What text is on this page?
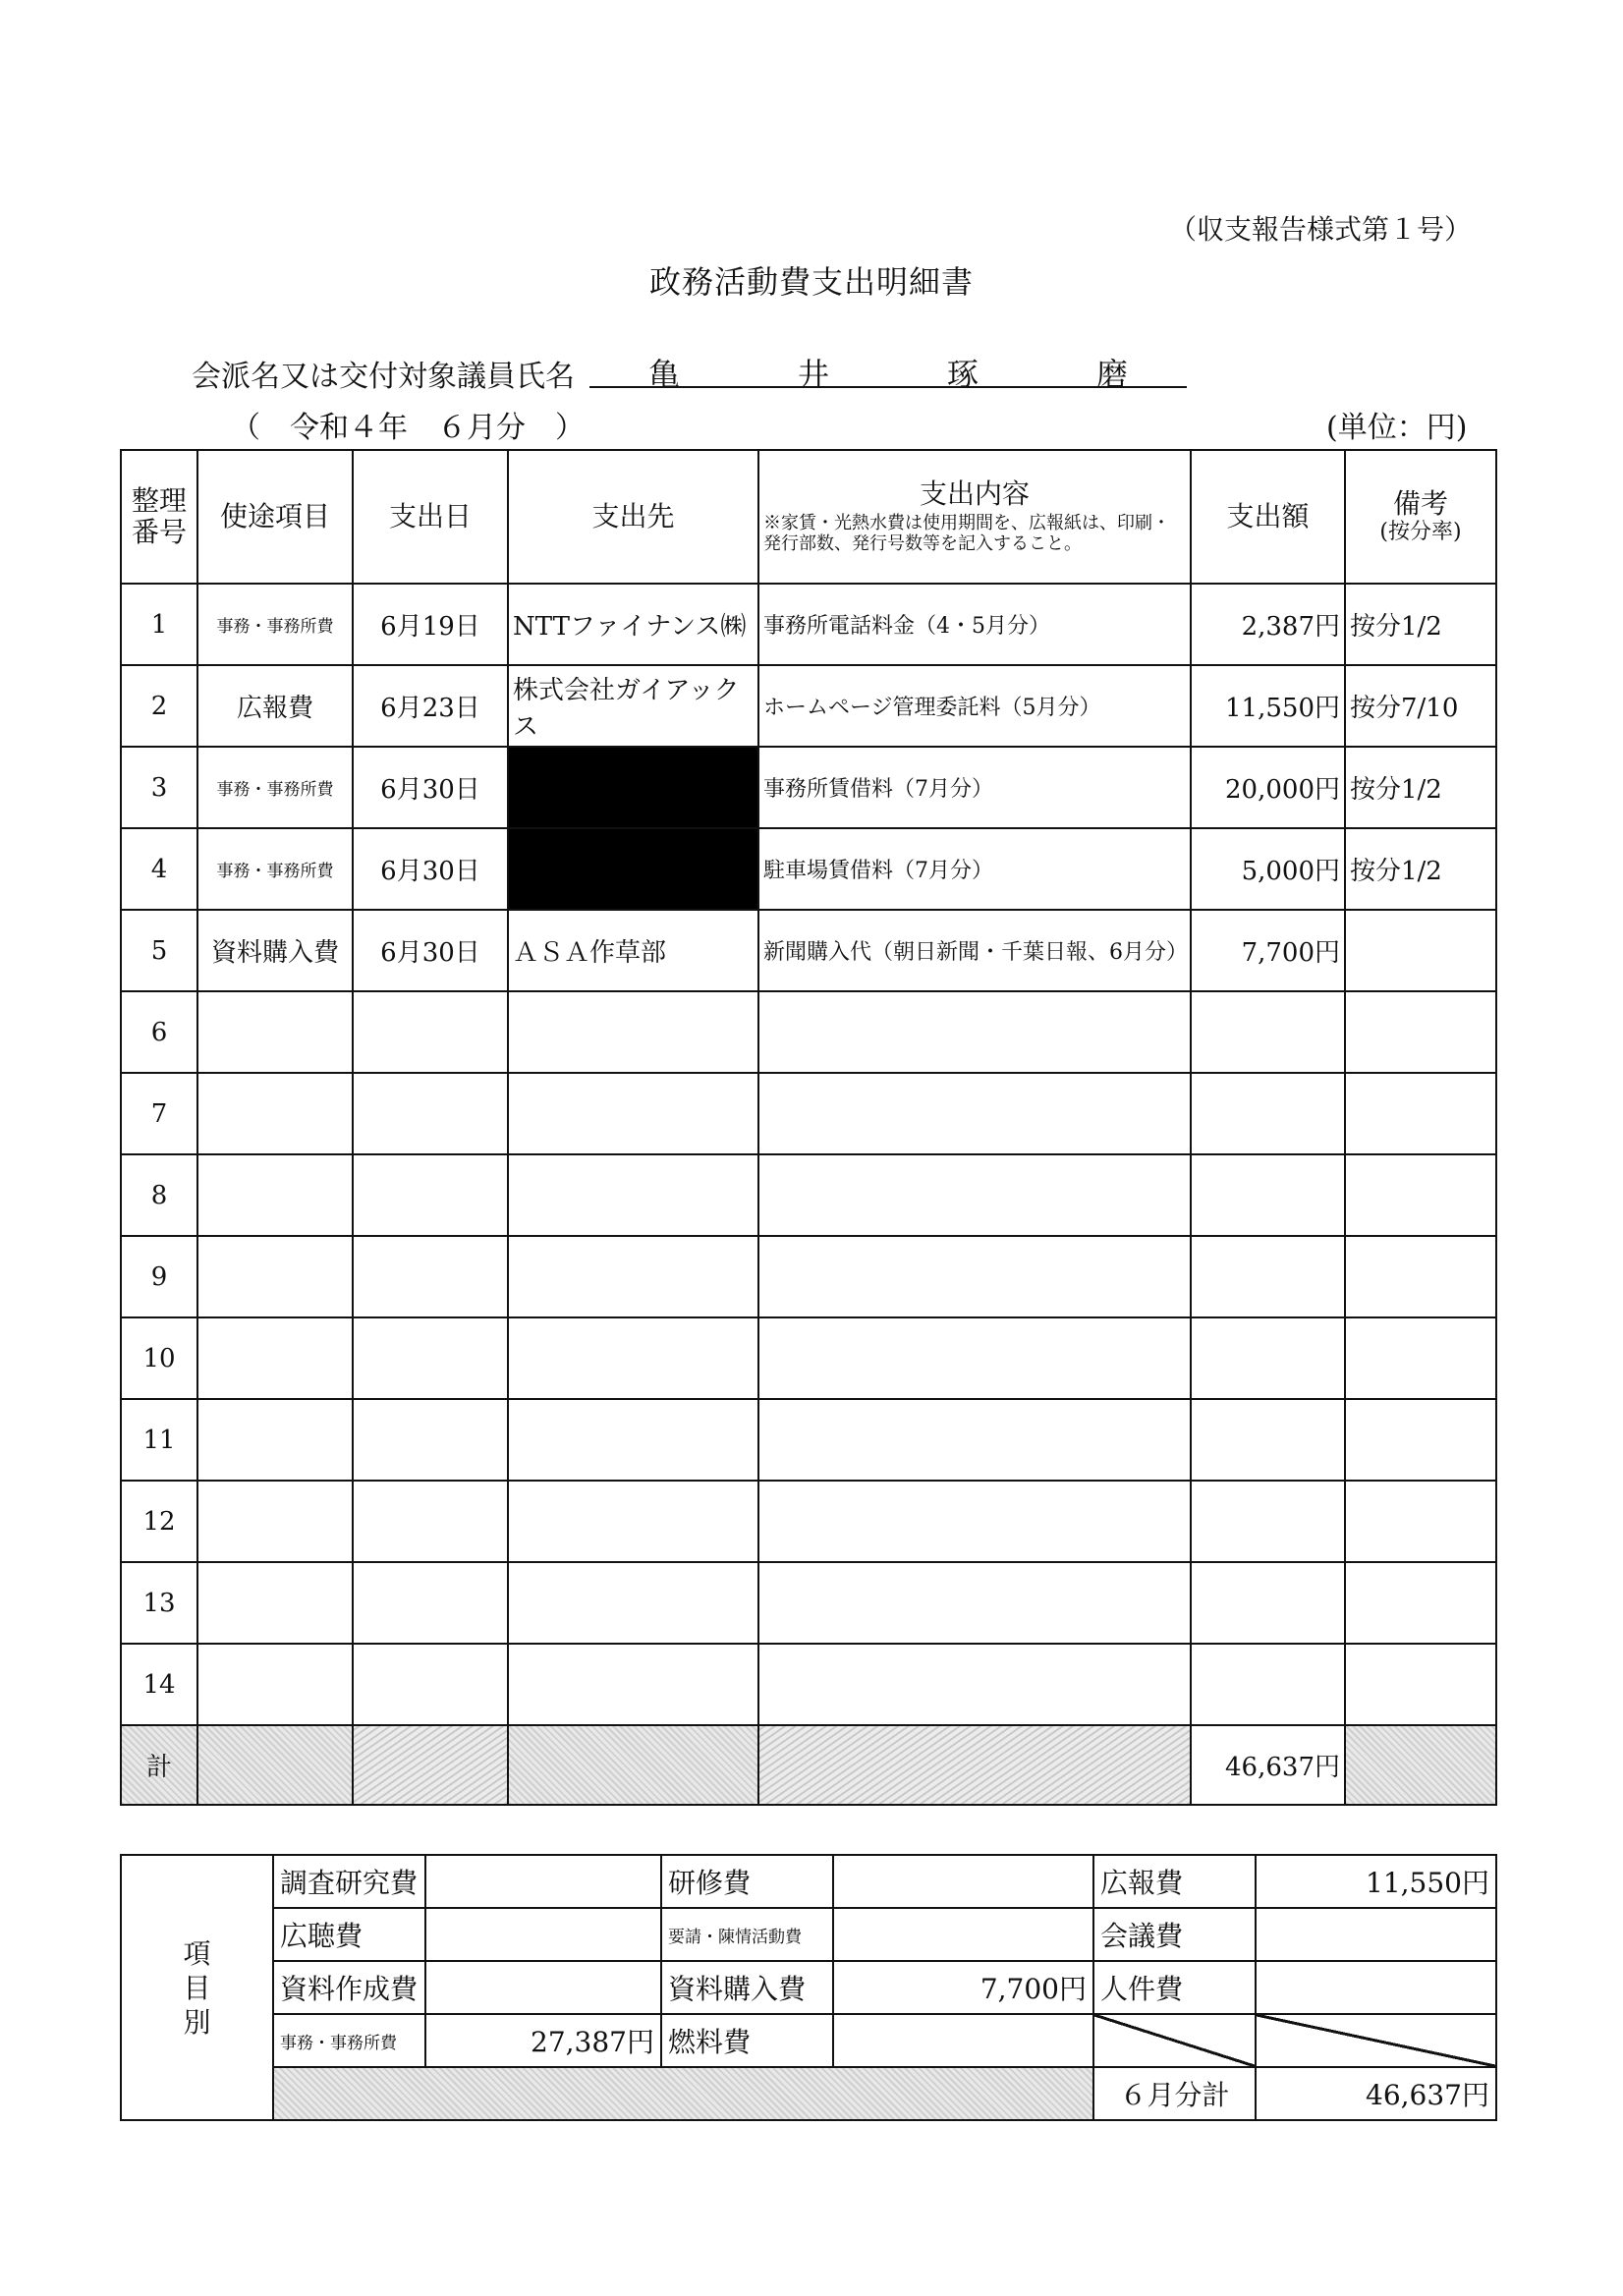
（収支報告様式第１号）
政務活動費支出明細書
会派名又は交付対象議員氏名 亀	井	琢	磨
（　令和４年　６月分　）	(単位：円)
整理
番号	使途項目	支出日	支出先	支出内容
※家賃・光熱水費は使用期間を、広報紙は、印刷・発行部数、発行号数等を記入すること。	支出額	備考
(按分率)

1	事務・事務所費	6月19日	NTTファイナンス㈱	事務所電話料金（4・5月分）	2,387円	按分1/2
2	広報費	6月23日	株式会社ガイアックス	ホームページ管理委託料（5月分）	11,550円	按分7/10
3	事務・事務所費	6月30日		事務所賃借料（7月分）	20,000円	按分1/2
4	事務・事務所費	6月30日		駐車場賃借料（7月分）	5,000円	按分1/2
5	資料購入費	6月30日	ＡＳＡ作草部	新聞購入代（朝日新聞・千葉日報、6月分）	7,700円	
6						
7						
8						
9						
10						
11						
12						
13						
14						
計					46,637円	
項
目
別	調査研究費		研修費		広報費	11,550円
	広聴費		要請・陳情活動費		会議費	
	資料作成費		資料購入費	7,700円	人件費	
	事務・事務所費	27,387円	燃料費			
					６月分計	46,637円
